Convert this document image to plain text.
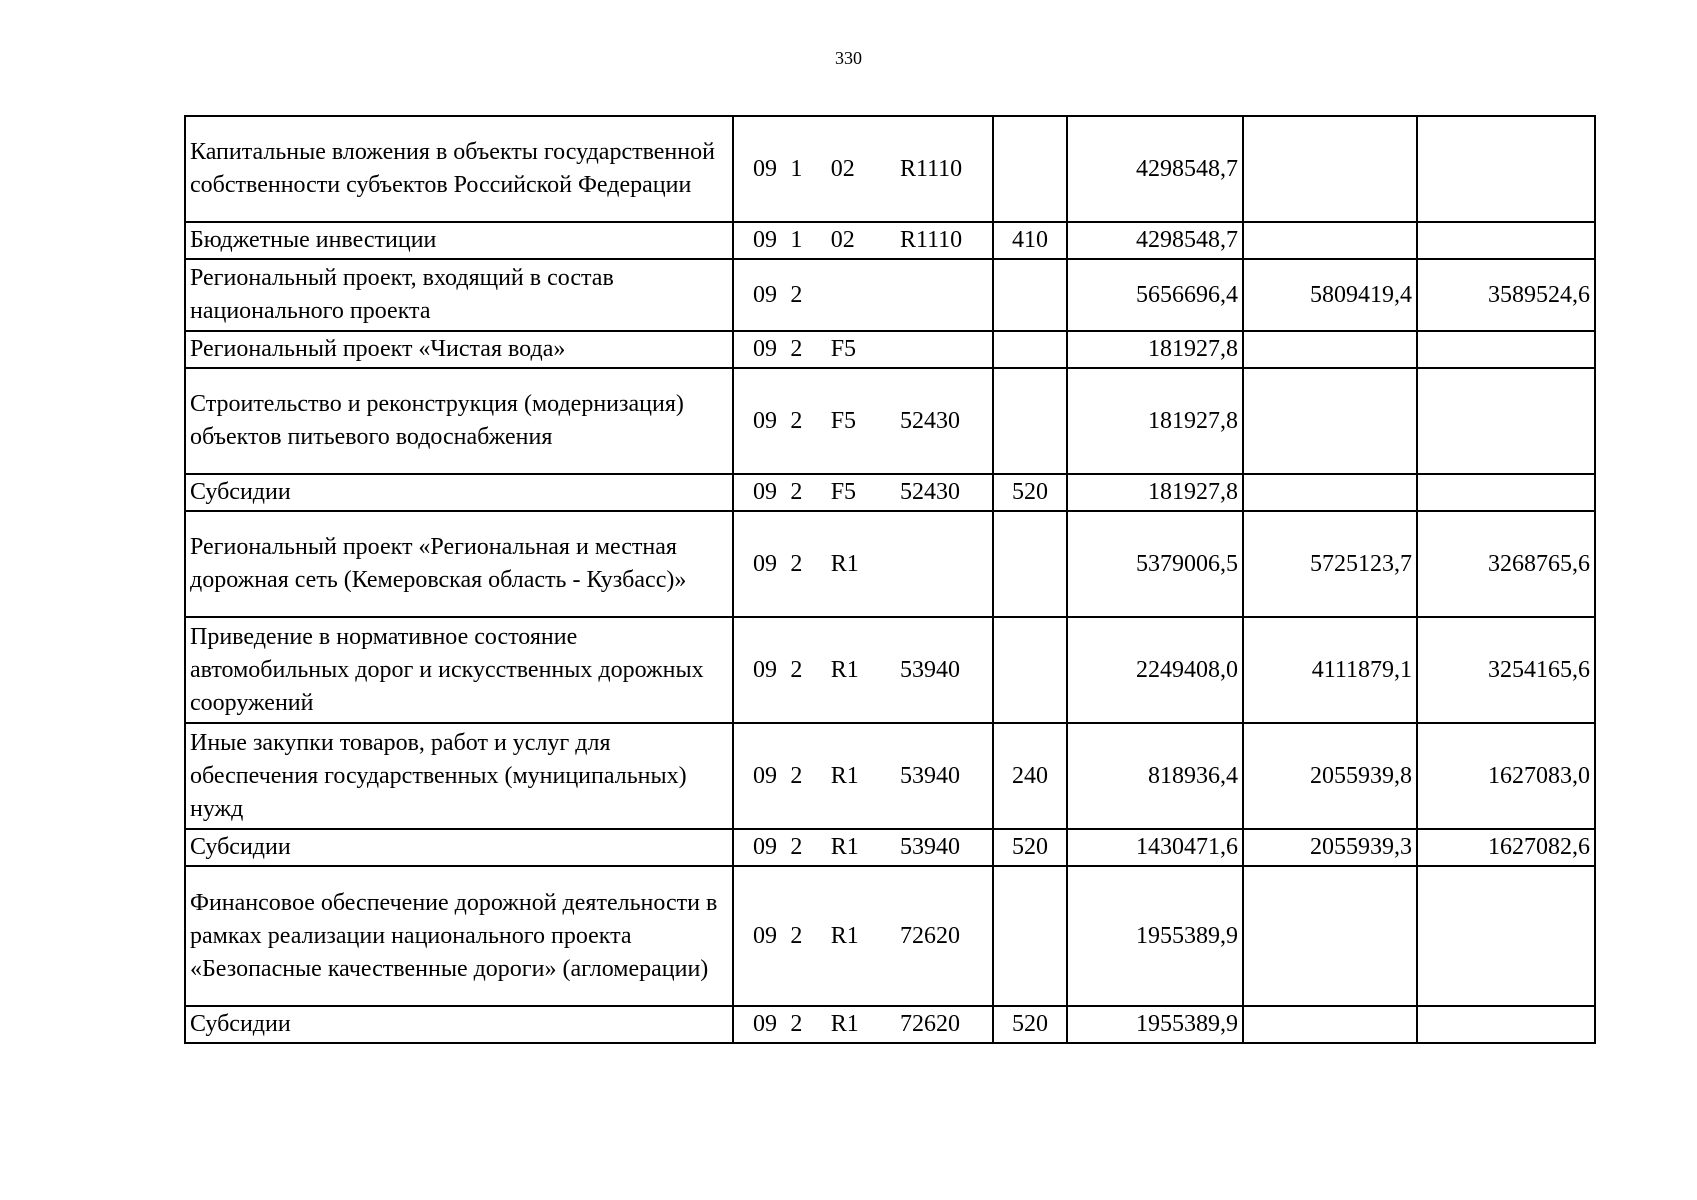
330
Капитальные вложения в объекты государственной собственности субъектов Российской Федерации	09 1 02 R1110		4298548,7		
Бюджетные инвестиции	09 1 02 R1110	410	4298548,7		
Региональный проект, входящий в состав национального проекта	09 2		5656696,4	5809419,4	3589524,6
Региональный проект «Чистая вода»	09 2 F5		181927,8		
Строительство и реконструкция (модернизация) объектов питьевого водоснабжения	09 2 F5 52430		181927,8		
Субсидии	09 2 F5 52430	520	181927,8		
Региональный проект «Региональная и местная дорожная сеть (Кемеровская область - Кузбасс)»	09 2 R1		5379006,5	5725123,7	3268765,6
Приведение в нормативное состояние автомобильных дорог и искусственных дорожных сооружений	09 2 R1 53940		2249408,0	4111879,1	3254165,6
Иные закупки товаров, работ и услуг для обеспечения государственных (муниципальных) нужд	09 2 R1 53940	240	818936,4	2055939,8	1627083,0
Субсидии	09 2 R1 53940	520	1430471,6	2055939,3	1627082,6
Финансовое обеспечение дорожной деятельности в рамках реализации национального проекта «Безопасные качественные дороги» (агломерации)	09 2 R1 72620		1955389,9		
Субсидии	09 2 R1 72620	520	1955389,9		
